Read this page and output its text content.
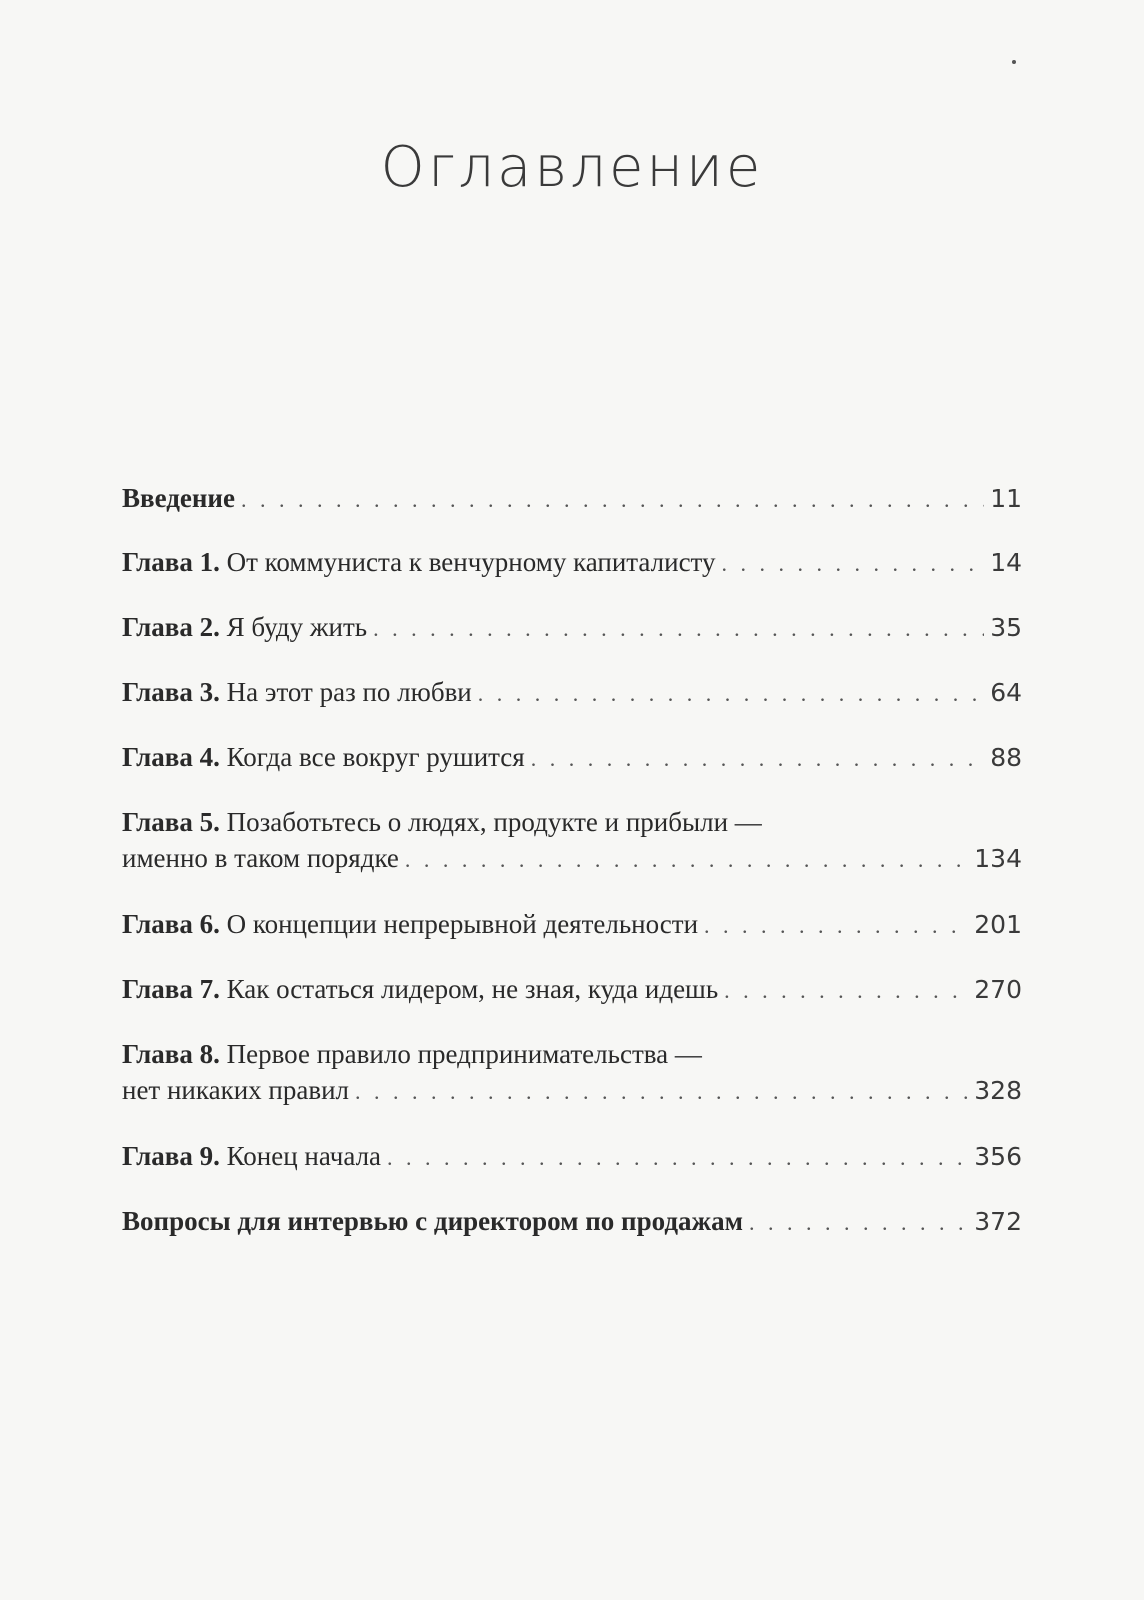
Оглавление
Введение . . .	11
Глава 1. От коммуниста к венчурному капиталисту . . .	14
Глава 2. Я буду жить . . .	35
Глава 3. На этот раз по любви . . .	64
Глава 4. Когда все вокруг рушится . . .	88
Глава 5. Позаботьтесь о людях, продукте и прибыли —
именно в таком порядке . . .	134
Глава 6. О концепции непрерывной деятельности . . .	201
Глава 7. Как остаться лидером, не зная, куда идешь . . .	270
Глава 8. Первое правило предпринимательства —
нет никаких правил . . .	328
Глава 9. Конец начала . . .	356
Вопросы для интервью с директором по продажам . . .	372
